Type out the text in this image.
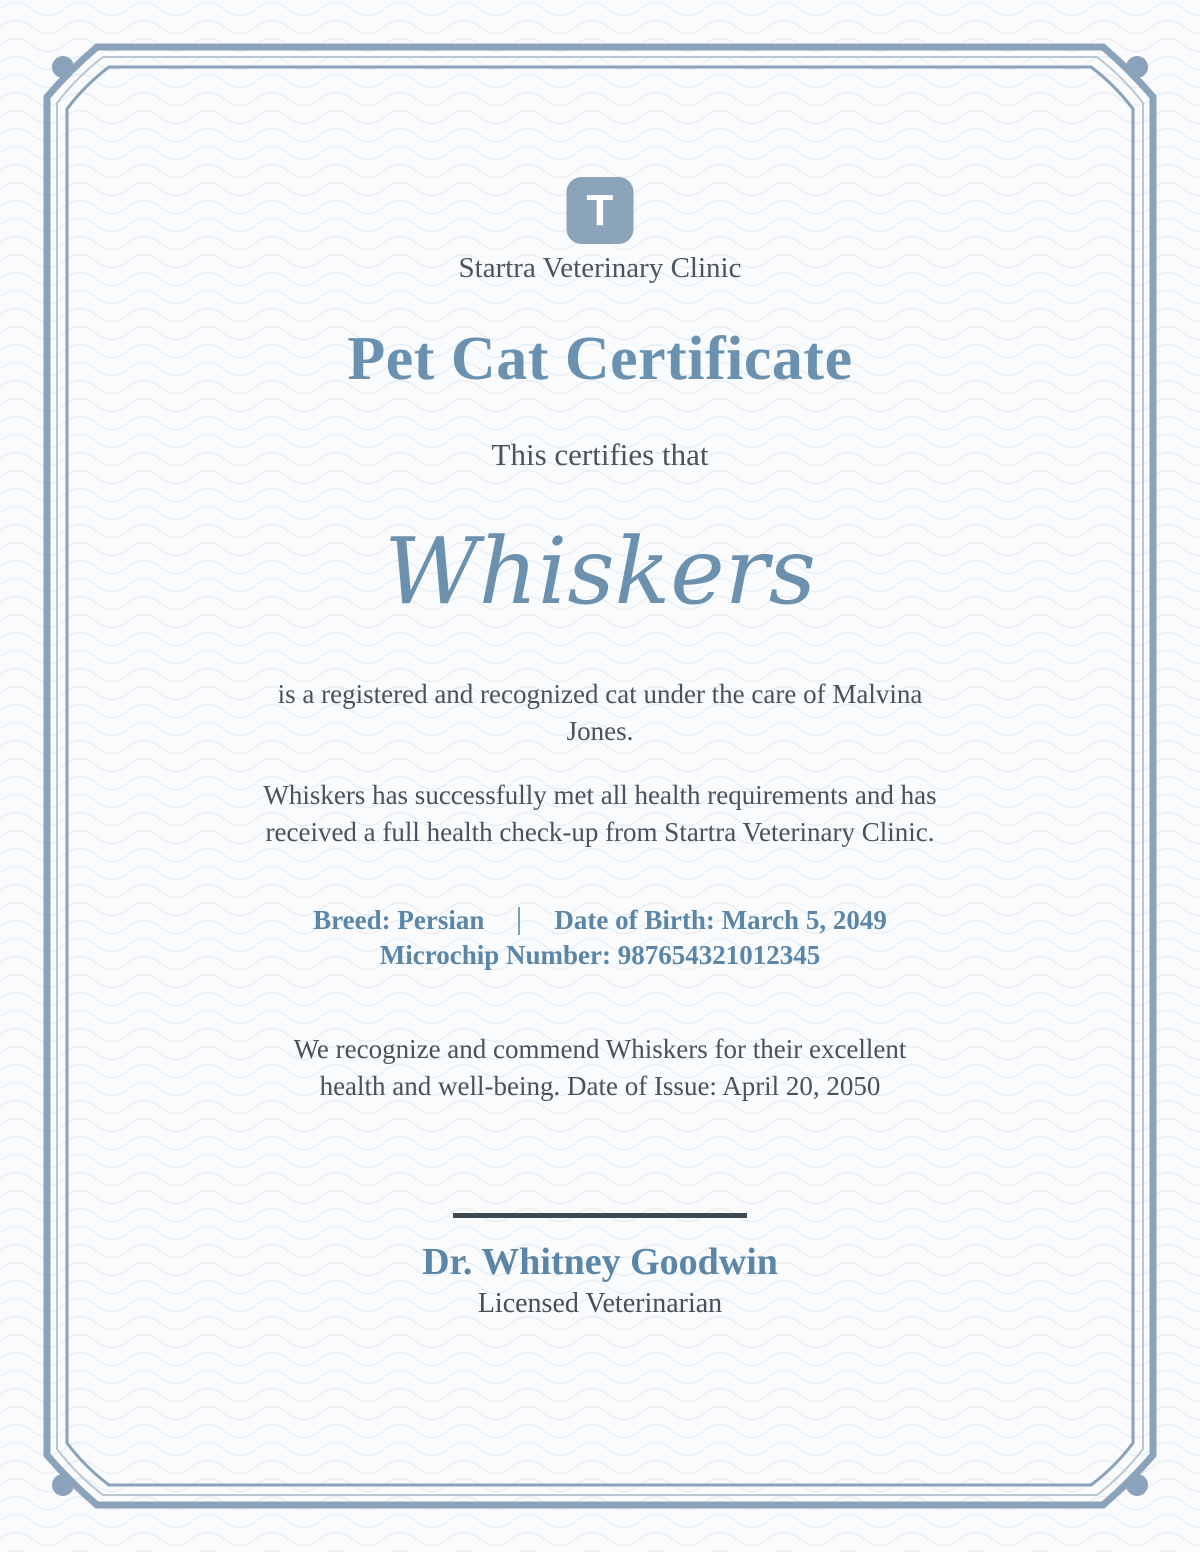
T
Startra Veterinary Clinic
Pet Cat Certificate
This certifies that
Whiskers

is a registered and recognized cat under the care of Malvina Jones.

Whiskers has successfully met all health requirements and has received a full health check-up from Startra Veterinary Clinic.

Breed: Persian	Date of Birth: March 5, 2049
Microchip Number: 987654321012345

We recognize and commend Whiskers for their excellent health and well-being. Date of Issue: April 20, 2050

Dr. Whitney Goodwin
Licensed Veterinarian
